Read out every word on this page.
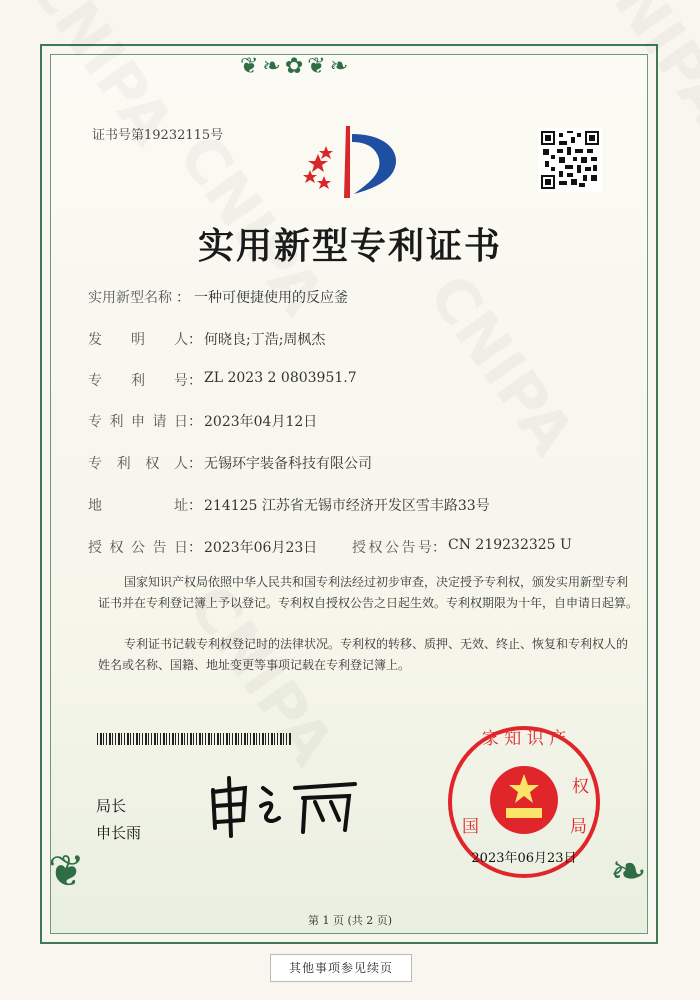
❦❧✿❦❧
❦	❧
证书号第19232115号
实用新型专利证书
实用新型名称 ： 一种可便捷使用的反应釜
发明人 ： 何晓良;丁浩;周枫杰
专利号 ： ZL 2023 2 0803951.7
专利申请日 ： 2023年04月12日
专利权人 ： 无锡环宇装备科技有限公司
地址 ： 214125 江苏省无锡市经济开发区雪丰路33号
授权公告日 ： 2023年06月23日 授权公告号 ： CN 219232325 U
国家知识产权局依照中华人民共和国专利法经过初步审查，决定授予专利权，颁发实用新型专利证书并在专利登记簿上予以登记。专利权自授权公告之日起生效。专利权期限为十年，自申请日起算。
专利证书记载专利权登记时的法律状况。专利权的转移、质押、无效、终止、恢复和专利权人的姓名或名称、国籍、地址变更等事项记载在专利登记簿上。
局长
申长雨
家 知 识 产
国
权
局
2023年06月23日
第 1 页 (共 2 页)
其他事项参见续页
